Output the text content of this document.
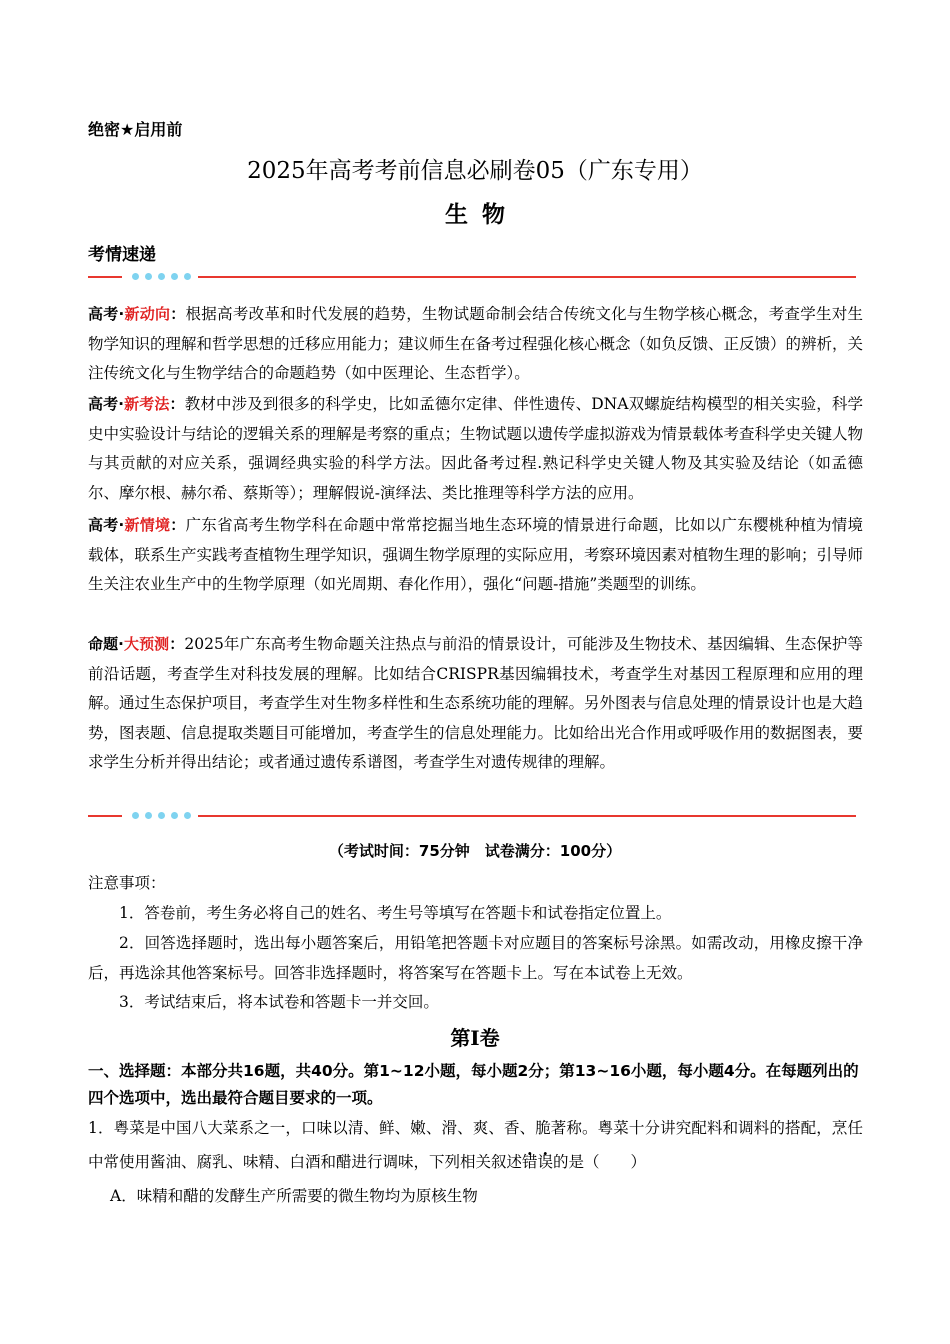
绝密★启用前
2025年高考考前信息必刷卷05（广东专用）
生物
考情速递
高考·新动向：根据高考改革和时代发展的趋势，生物试题命制会结合传统文化与生物学核心概念，考查学生对生物学知识的理解和哲学思想的迁移应用能力；建议师生在备考过程强化核心概念（如负反馈、正反馈）的辨析，关注传统文化与生物学结合的命题趋势（如中医理论、生态哲学）。
高考·新考法：教材中涉及到很多的科学史，比如孟德尔定律、伴性遗传、DNA双螺旋结构模型的相关实验，科学史中实验设计与结论的逻辑关系的理解是考察的重点；生物试题以遗传学虚拟游戏为情景载体考查科学史关键人物与其贡献的对应关系，强调经典实验的科学方法。因此备考过程.熟记科学史关键人物及其实验及结论（如孟德尔、摩尔根、赫尔希、蔡斯等）；理解假说-演绎法、类比推理等科学方法的应用。
高考·新情境：广东省高考生物学科在命题中常常挖掘当地生态环境的情景进行命题，比如以广东樱桃种植为情境载体，联系生产实践考查植物生理学知识，强调生物学原理的实际应用，考察环境因素对植物生理的影响；引导师生关注农业生产中的生物学原理（如光周期、春化作用），强化“问题-措施”类题型的训练。
命题·大预测：2025年广东高考生物命题关注热点与前沿的情景设计，可能涉及生物技术、基因编辑、生态保护等前沿话题，考查学生对科技发展的理解。比如结合CRISPR基因编辑技术，考查学生对基因工程原理和应用的理解。通过生态保护项目，考查学生对生物多样性和生态系统功能的理解。另外图表与信息处理的情景设计也是大趋势，图表题、信息提取类题目可能增加，考查学生的信息处理能力。比如给出光合作用或呼吸作用的数据图表，要求学生分析并得出结论；或者通过遗传系谱图，考查学生对遗传规律的理解。
（考试时间：75分钟　试卷满分：100分）
注意事项：
1．答卷前，考生务必将自己的姓名、考生号等填写在答题卡和试卷指定位置上。
2．回答选择题时，选出每小题答案后，用铅笔把答题卡对应题目的答案标号涂黑。如需改动，用橡皮擦干净后，再选涂其他答案标号。回答非选择题时，将答案写在答题卡上。写在本试卷上无效。
3．考试结束后，将本试卷和答题卡一并交回。
第Ⅰ卷
一、选择题：本部分共16题，共40分。第1~12小题，每小题2分；第13~16小题，每小题4分。在每题列出的四个选项中，选出最符合题目要求的一项。
1．粤菜是中国八大菜系之一，口味以清、鲜、嫩、滑、爽、香、脆著称。粤菜十分讲究配料和调料的搭配，烹任中常使用酱油、腐乳、味精、白酒和醋进行调味，下列相关叙述错误的是（　　）
A．味精和醋的发酵生产所需要的微生物均为原核生物
